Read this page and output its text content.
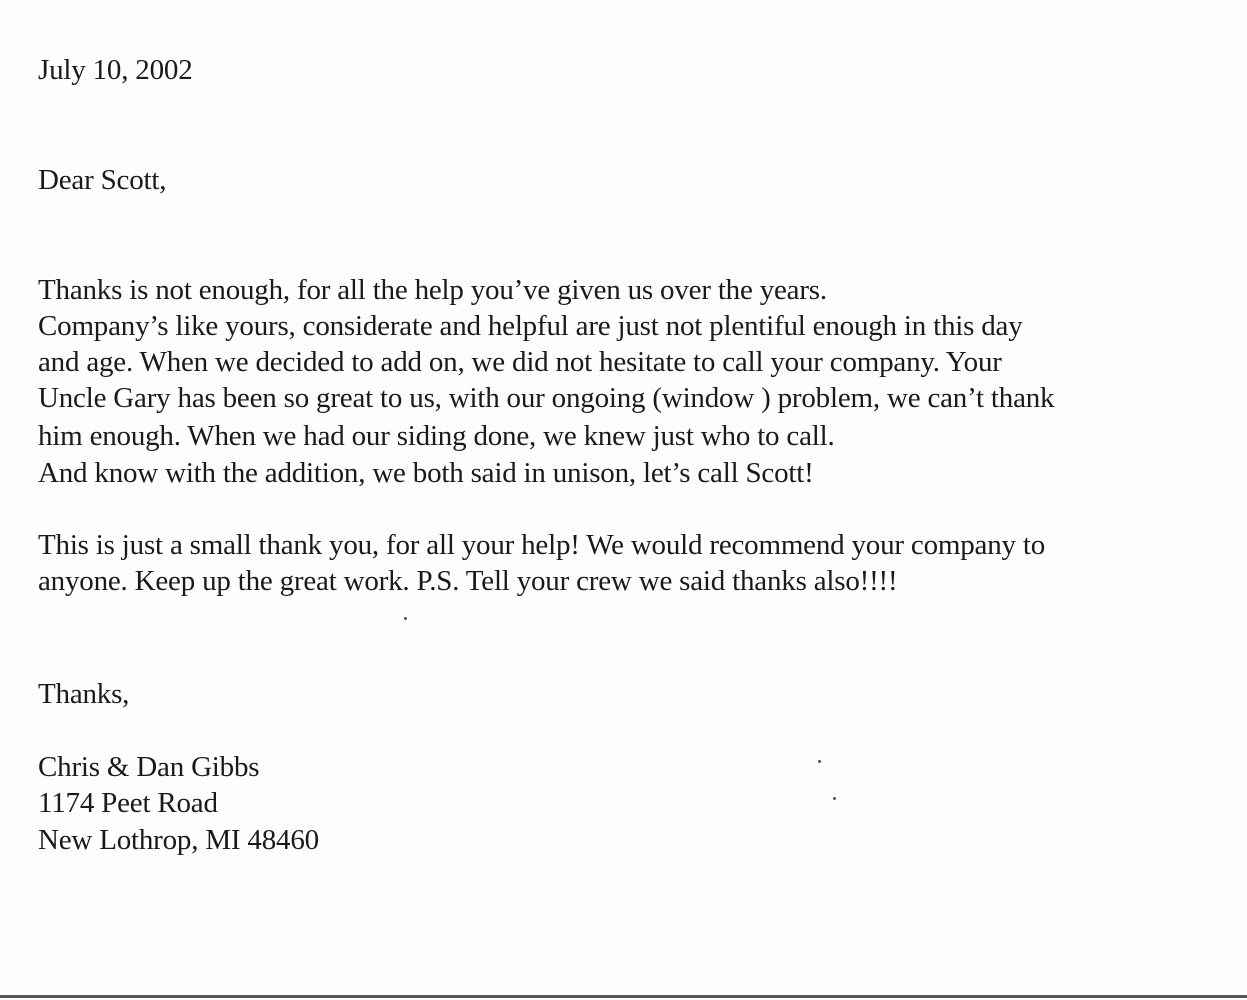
July 10, 2002
Dear Scott,
Thanks is not enough, for all the help you’ve given us over the years.
Company’s like yours, considerate and helpful are just not plentiful enough in this day
and age. When we decided to add on, we did not hesitate to call your company. Your
Uncle Gary has been so great to us, with our ongoing (window ) problem, we can’t thank
him enough. When we had our siding done, we knew just who to call.
And know with the addition, we both said in unison, let’s call Scott!
This is just a small thank you, for all your help! We would recommend your company to
anyone. Keep up the great work. P.S. Tell your crew we said thanks also!!!!
Thanks,
Chris & Dan Gibbs
1174 Peet Road
New Lothrop, MI 48460
